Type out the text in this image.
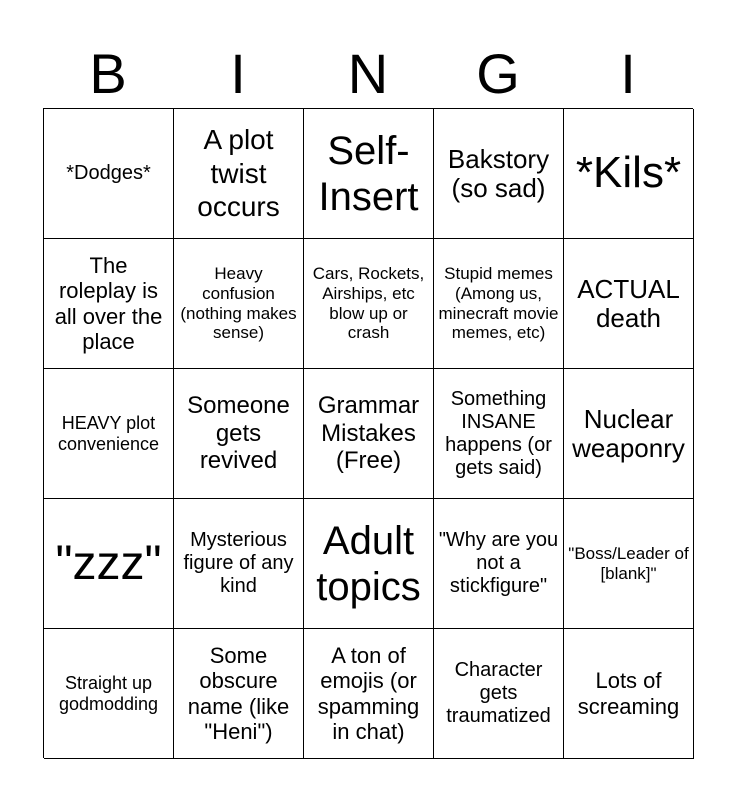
B	I	N	G	I
*Dodges*
A plot twist occurs
Self-Insert
Bakstory (so sad) *Kils*
The roleplay is all over the place
Heavy confusion (nothing makes sense)
Cars, Rockets, Airships, etc blow up or crash
Stupid memes (Among us, minecraft movie memes, etc)
ACTUAL death
HEAVY plot convenience
Someone gets revived
Grammar Mistakes (Free)
Something INSANE happens (or gets said)
Nuclear weaponry
"zzz"	Mysterious figure of any kind
Adult topics
"Why are you not a stickfigure"
"Boss/Leader of [blank]"
Straight up godmodding
Some obscure name (like "Heni")
A ton of emojis (or spamming in chat)
Character gets traumatized
Lots of screaming
